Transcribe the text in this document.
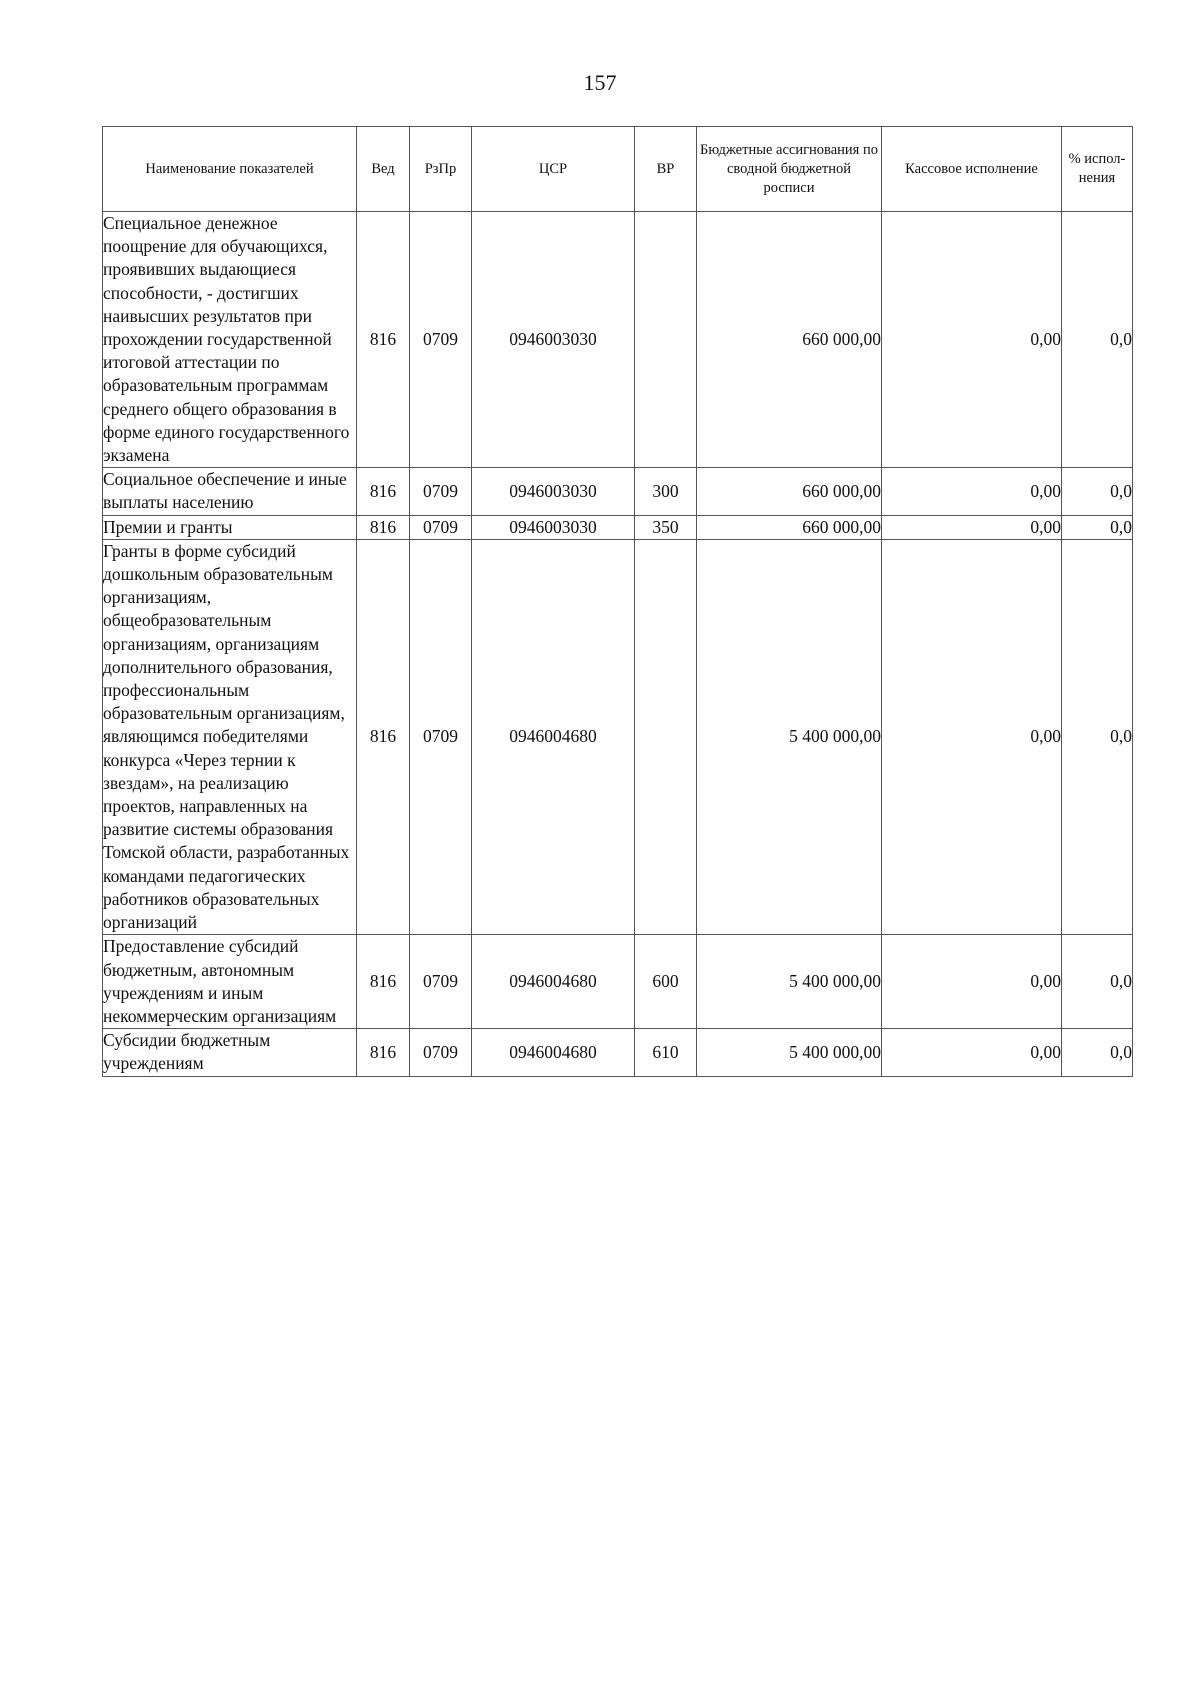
157
Наименование показателей	Вед	РзПр	ЦСР	ВР	Бюджетные ассигнования по сводной бюджетной росписи	Кассовое исполнение	% испол-нения
Специальное денежное поощрение для обучающихся, проявивших выдающиеся способности, - достигших наивысших результатов при прохождении государственной итоговой аттестации по образовательным программам среднего общего образования в форме единого государственного экзамена	816	0709	0946003030		660 000,00	0,00	0,0
Социальное обеспечение и иные выплаты населению	816	0709	0946003030	300	660 000,00	0,00	0,0
Премии и гранты	816	0709	0946003030	350	660 000,00	0,00	0,0
Гранты в форме субсидий дошкольным образовательным организациям, общеобразовательным организациям, организациям дополнительного образования, профессиональным образовательным организациям, являющимся победителями конкурса «Через тернии к звездам», на реализацию проектов, направленных на развитие системы образования Томской области, разработанных командами педагогических работников образовательных организаций	816	0709	0946004680		5 400 000,00	0,00	0,0
Предоставление субсидий бюджетным, автономным учреждениям и иным некоммерческим организациям	816	0709	0946004680	600	5 400 000,00	0,00	0,0
Субсидии бюджетным учреждениям	816	0709	0946004680	610	5 400 000,00	0,00	0,0
